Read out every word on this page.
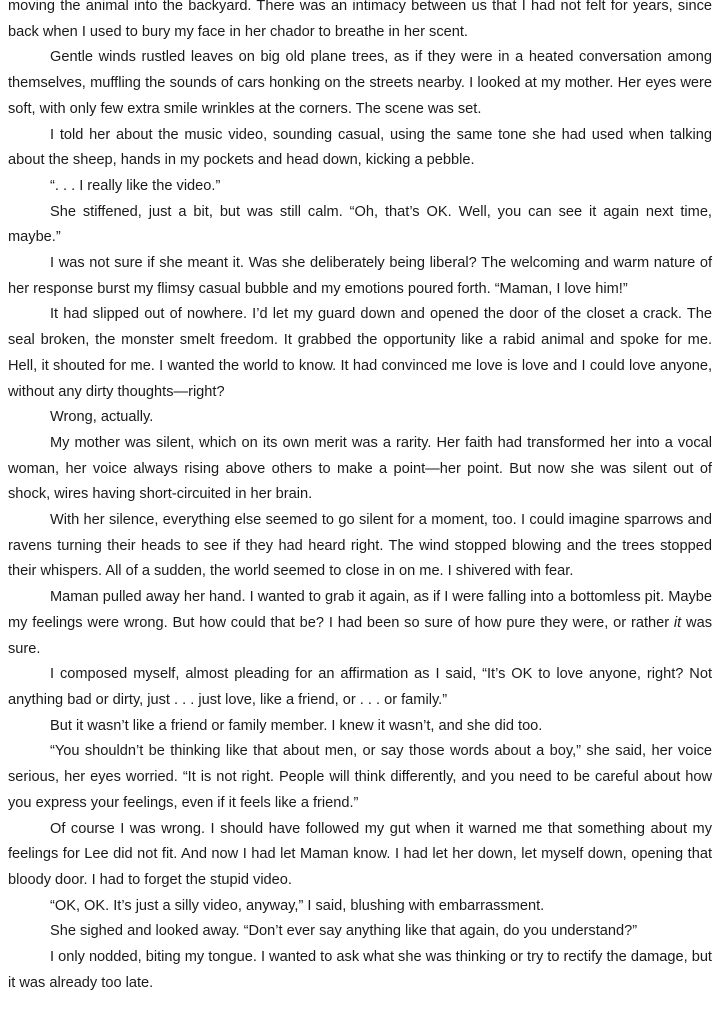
moving the animal into the backyard. There was an intimacy between us that I had not felt for years, since back when I used to bury my face in her chador to breathe in her scent.

Gentle winds rustled leaves on big old plane trees, as if they were in a heated conversation among themselves, muffling the sounds of cars honking on the streets nearby. I looked at my mother. Her eyes were soft, with only few extra smile wrinkles at the corners. The scene was set.

I told her about the music video, sounding casual, using the same tone she had used when talking about the sheep, hands in my pockets and head down, kicking a pebble.

“. . . I really like the video.”

She stiffened, just a bit, but was still calm. “Oh, that’s OK. Well, you can see it again next time, maybe.”

I was not sure if she meant it. Was she deliberately being liberal? The welcoming and warm nature of her response burst my flimsy casual bubble and my emotions poured forth. “Maman, I love him!”

It had slipped out of nowhere. I’d let my guard down and opened the door of the closet a crack. The seal broken, the monster smelt freedom. It grabbed the opportunity like a rabid animal and spoke for me. Hell, it shouted for me. I wanted the world to know. It had convinced me love is love and I could love anyone, without any dirty thoughts—right?

Wrong, actually.

My mother was silent, which on its own merit was a rarity. Her faith had transformed her into a vocal woman, her voice always rising above others to make a point—her point. But now she was silent out of shock, wires having short-circuited in her brain.

With her silence, everything else seemed to go silent for a moment, too. I could imagine sparrows and ravens turning their heads to see if they had heard right. The wind stopped blowing and the trees stopped their whispers. All of a sudden, the world seemed to close in on me. I shivered with fear.

Maman pulled away her hand. I wanted to grab it again, as if I were falling into a bottomless pit. Maybe my feelings were wrong. But how could that be? I had been so sure of how pure they were, or rather it was sure.

I composed myself, almost pleading for an affirmation as I said, “It’s OK to love anyone, right? Not anything bad or dirty, just . . . just love, like a friend, or . . . or family.”

But it wasn’t like a friend or family member. I knew it wasn’t, and she did too.

“You shouldn’t be thinking like that about men, or say those words about a boy,” she said, her voice serious, her eyes worried. “It is not right. People will think differently, and you need to be careful about how you express your feelings, even if it feels like a friend.”

Of course I was wrong. I should have followed my gut when it warned me that something about my feelings for Lee did not fit. And now I had let Maman know. I had let her down, let myself down, opening that bloody door. I had to forget the stupid video.

“OK, OK. It’s just a silly video, anyway,” I said, blushing with embarrassment.

She sighed and looked away. “Don’t ever say anything like that again, do you understand?”

I only nodded, biting my tongue. I wanted to ask what she was thinking or try to rectify the damage, but it was already too late.
